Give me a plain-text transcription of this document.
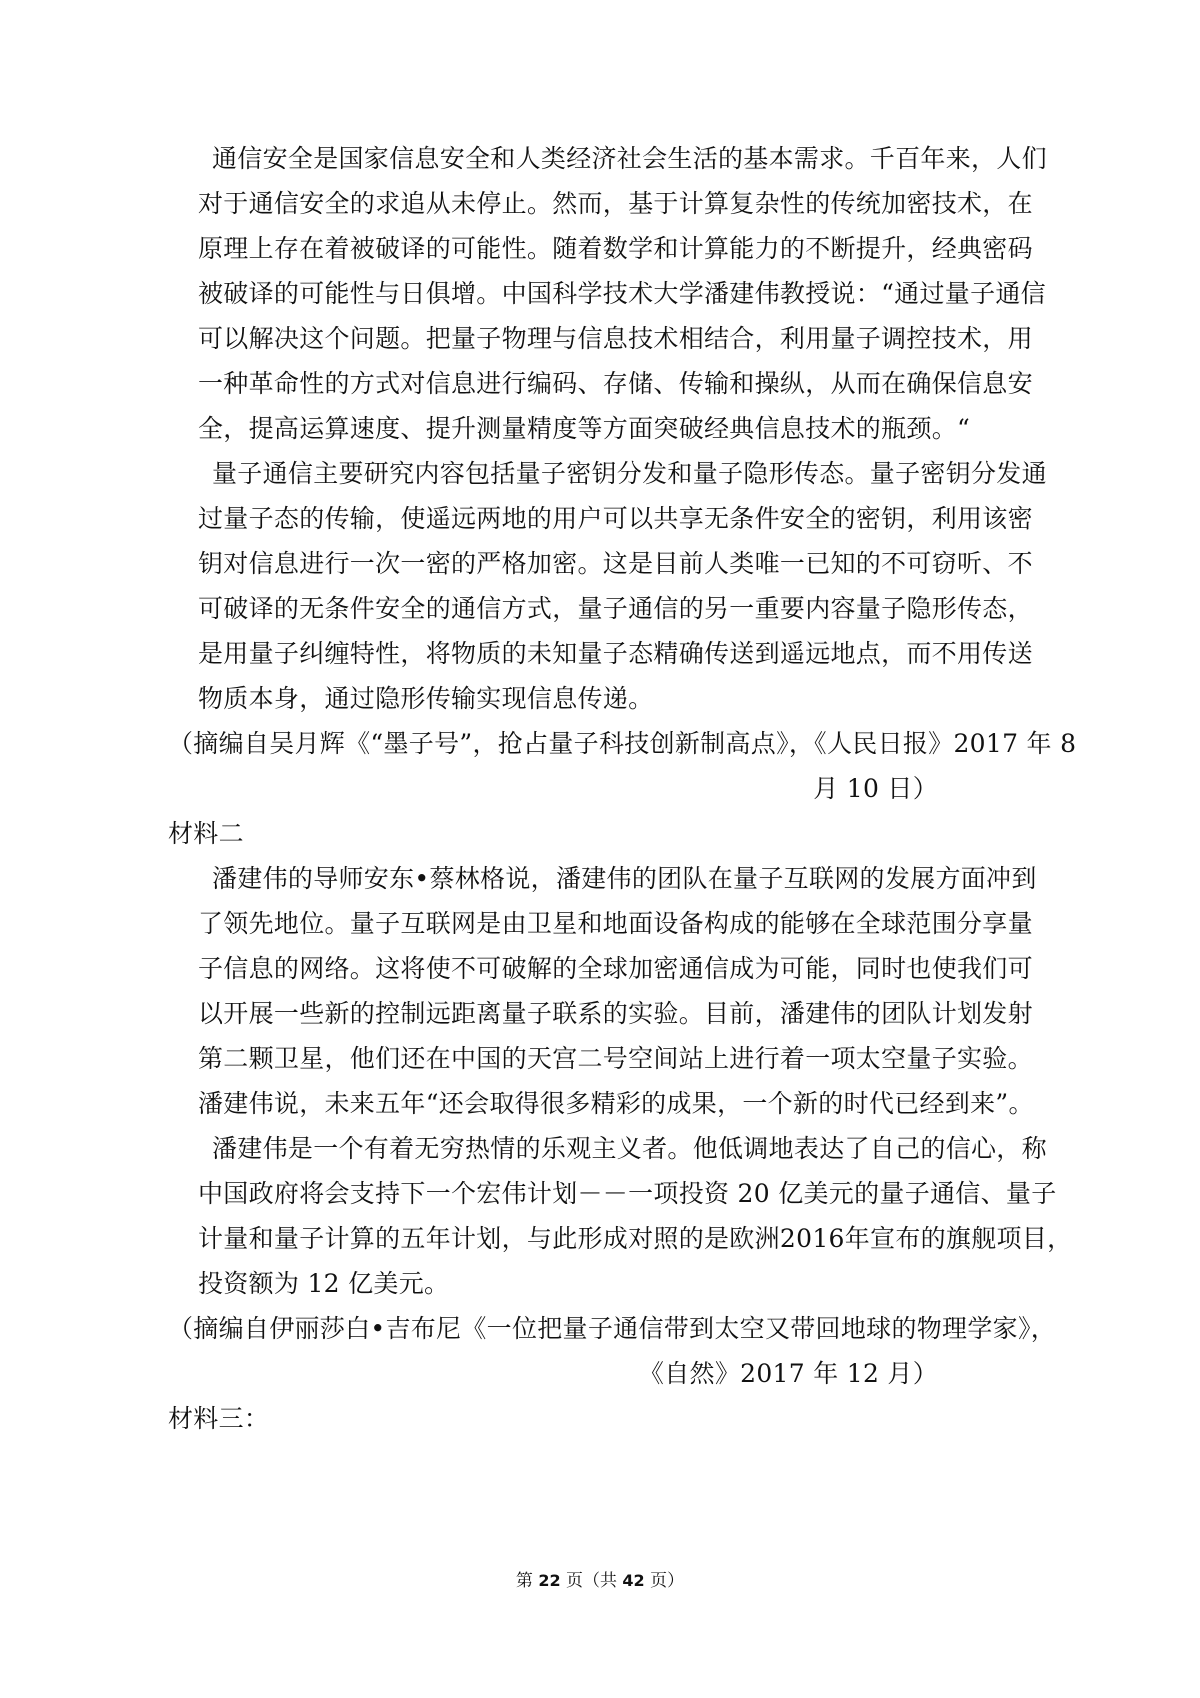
通信安全是国家信息安全和人类经济社会生活的基本需求。千百年来，人们
对于通信安全的求追从未停止。然而，基于计算复杂性的传统加密技术，在
原理上存在着被破译的可能性。随着数学和计算能力的不断提升，经典密码
被破译的可能性与日俱增。中国科学技术大学潘建伟教授说：“通过量子通信
可以解决这个问题。把量子物理与信息技术相结合，利用量子调控技术，用
一种革命性的方式对信息进行编码、存储、传输和操纵，从而在确保信息安
全，提高运算速度、提升测量精度等方面突破经典信息技术的瓶颈。“
量子通信主要研究内容包括量子密钥分发和量子隐形传态。量子密钥分发通
过量子态的传输，使遥远两地的用户可以共享无条件安全的密钥，利用该密
钥对信息进行一次一密的严格加密。这是目前人类唯一已知的不可窃听、不
可破译的无条件安全的通信方式，量子通信的另一重要内容量子隐形传态，
是用量子纠缠特性，将物质的未知量子态精确传送到遥远地点，而不用传送
物质本身，通过隐形传输实现信息传递。
（摘编自吴月辉《“墨子号”，抢占量子科技创新制高点》，《人民日报》2017 年 8
月 10 日）
材料二
潘建伟的导师安东•蔡林格说，潘建伟的团队在量子互联网的发展方面冲到
了领先地位。量子互联网是由卫星和地面设备构成的能够在全球范围分享量
子信息的网络。这将使不可破解的全球加密通信成为可能，同时也使我们可
以开展一些新的控制远距离量子联系的实验。目前，潘建伟的团队计划发射
第二颗卫星，他们还在中国的天宫二号空间站上进行着一项太空量子实验。
潘建伟说，未来五年“还会取得很多精彩的成果，一个新的时代已经到来”。
潘建伟是一个有着无穷热情的乐观主义者。他低调地表达了自己的信心，称
中国政府将会支持下一个宏伟计划－－一项投资 20 亿美元的量子通信、量子
计量和量子计算的五年计划，与此形成对照的是欧洲2016年宣布的旗舰项目，
投资额为 12 亿美元。
（摘编自伊丽莎白•吉布尼《一位把量子通信带到太空又带回地球的物理学家》，
《自然》2017 年 12 月）
材料三：
第 22 页（共 42 页）
